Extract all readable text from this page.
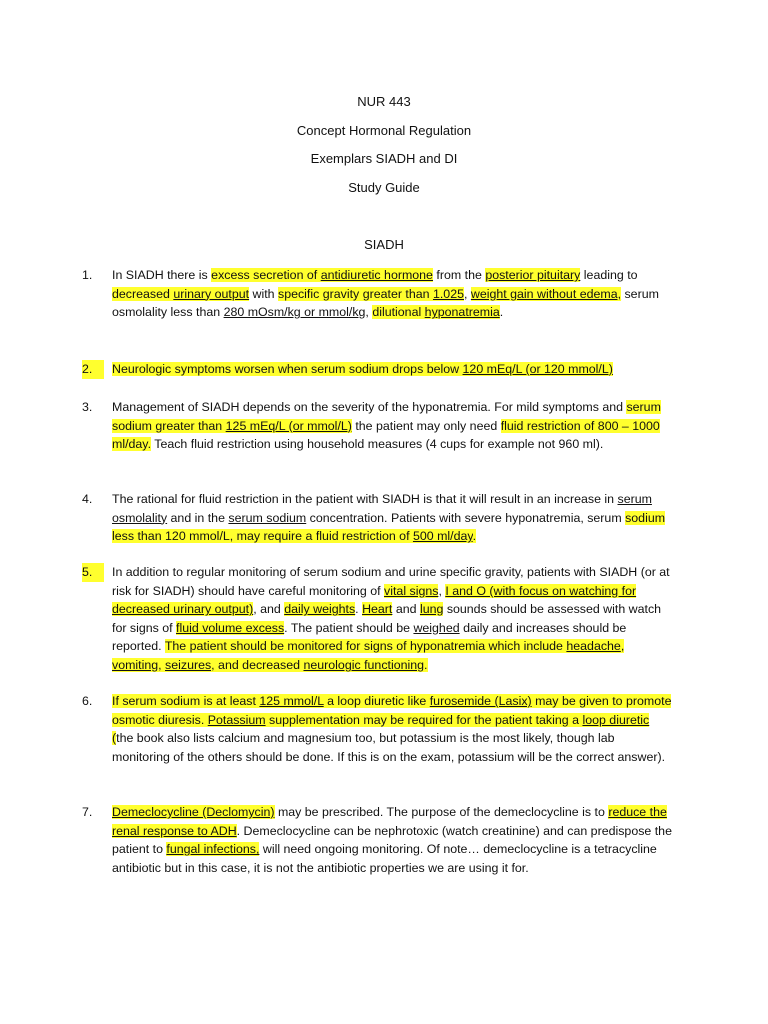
NUR 443
Concept Hormonal Regulation
Exemplars SIADH and DI
Study Guide
SIADH
1.	In SIADH there is excess secretion of antidiuretic hormone from the posterior pituitary leading to decreased urinary output with specific gravity greater than 1.025, weight gain without edema, serum osmolality less than 280 mOsm/kg or mmol/kg, dilutional hyponatremia.
2.	Neurologic symptoms worsen when serum sodium drops below 120 mEq/L (or 120 mmol/L)
3.	Management of SIADH depends on the severity of the hyponatremia. For mild symptoms and serum sodium greater than 125 mEq/L (or mmol/L) the patient may only need fluid restriction of 800 – 1000 ml/day. Teach fluid restriction using household measures (4 cups for example not 960 ml).
4.	The rational for fluid restriction in the patient with SIADH is that it will result in an increase in serum osmolality and in the serum sodium concentration. Patients with severe hyponatremia, serum sodium less than 120 mmol/L, may require a fluid restriction of 500 ml/day.
5.	In addition to regular monitoring of serum sodium and urine specific gravity, patients with SIADH (or at risk for SIADH) should have careful monitoring of vital signs, I and O (with focus on watching for decreased urinary output), and daily weights. Heart and lung sounds should be assessed with watch for signs of fluid volume excess. The patient should be weighed daily and increases should be reported. The patient should be monitored for signs of hyponatremia which include headache, vomiting, seizures, and decreased neurologic functioning.
6.	If serum sodium is at least 125 mmol/L a loop diuretic like furosemide (Lasix) may be given to promote osmotic diuresis. Potassium supplementation may be required for the patient taking a loop diuretic (the book also lists calcium and magnesium too, but potassium is the most likely, though lab monitoring of the others should be done. If this is on the exam, potassium will be the correct answer).
7.	Demeclocycline (Declomycin) may be prescribed. The purpose of the demeclocycline is to reduce the renal response to ADH. Demeclocycline can be nephrotoxic (watch creatinine) and can predispose the patient to fungal infections, will need ongoing monitoring. Of note… demeclocycline is a tetracycline antibiotic but in this case, it is not the antibiotic properties we are using it for.
